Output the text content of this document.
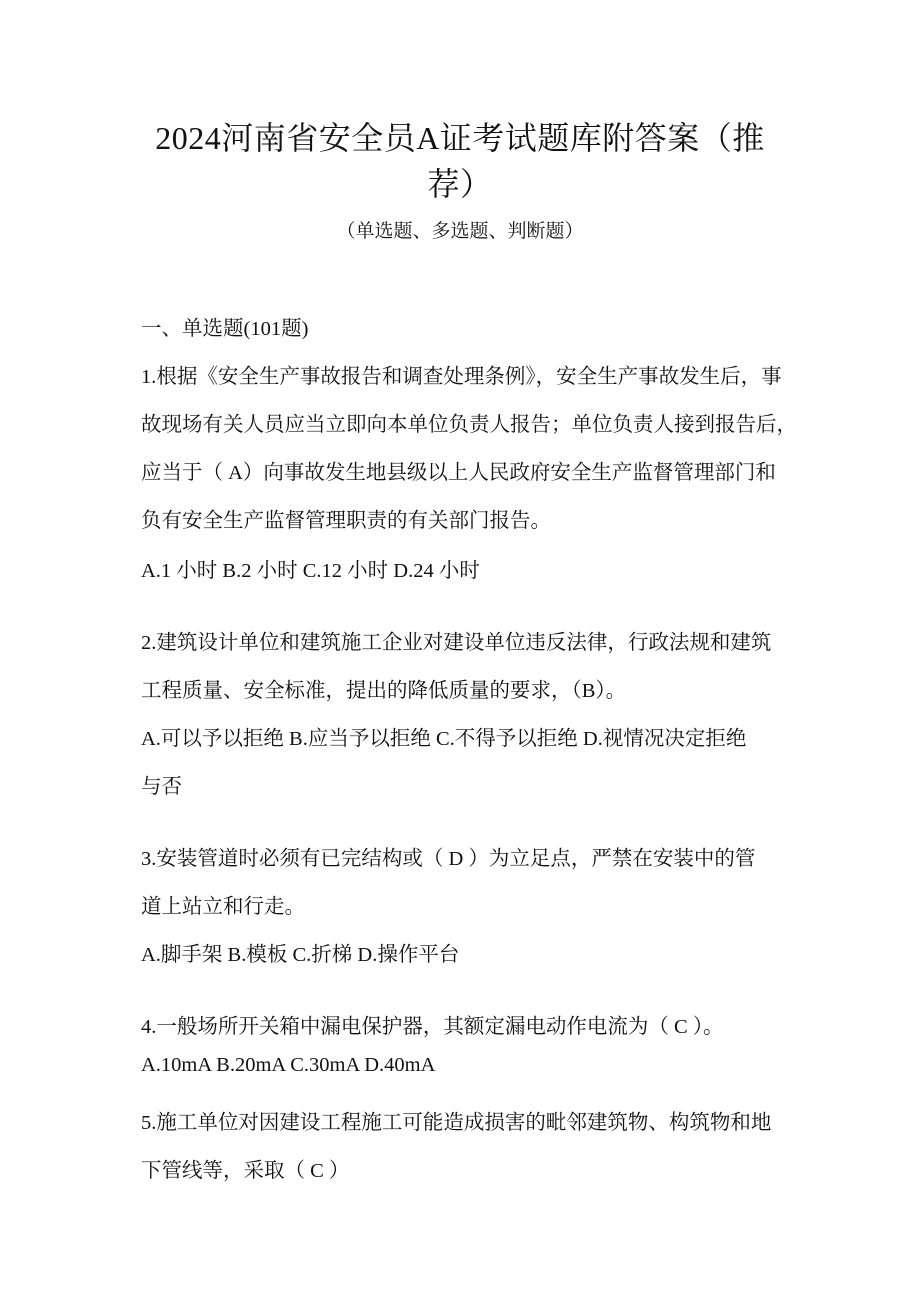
2024河南省安全员A证考试题库附答案（推
荐）
（单选题、多选题、判断题）
一、单选题(101题)
1.根据《安全生产事故报告和调查处理条例》，安全生产事故发生后，事
故现场有关人员应当立即向本单位负责人报告；单位负责人接到报告后，
应当于（ A）向事故发生地县级以上人民政府安全生产监督管理部门和
负有安全生产监督管理职责的有关部门报告。
A.1 小时 B.2 小时 C.12 小时 D.24 小时
2.建筑设计单位和建筑施工企业对建设单位违反法律，行政法规和建筑
工程质量、安全标准，提出的降低质量的要求，（B）。
A.可以予以拒绝 B.应当予以拒绝 C.不得予以拒绝 D.视情况决定拒绝
与否
3.安装管道时必须有已完结构或（ D ）为立足点，严禁在安装中的管
道上站立和行走。
A.脚手架 B.模板 C.折梯 D.操作平台
4.一般场所开关箱中漏电保护器，其额定漏电动作电流为（ C ）。
A.10mA B.20mA C.30mA D.40mA
5.施工单位对因建设工程施工可能造成损害的毗邻建筑物、构筑物和地
下管线等，采取（ C ）
